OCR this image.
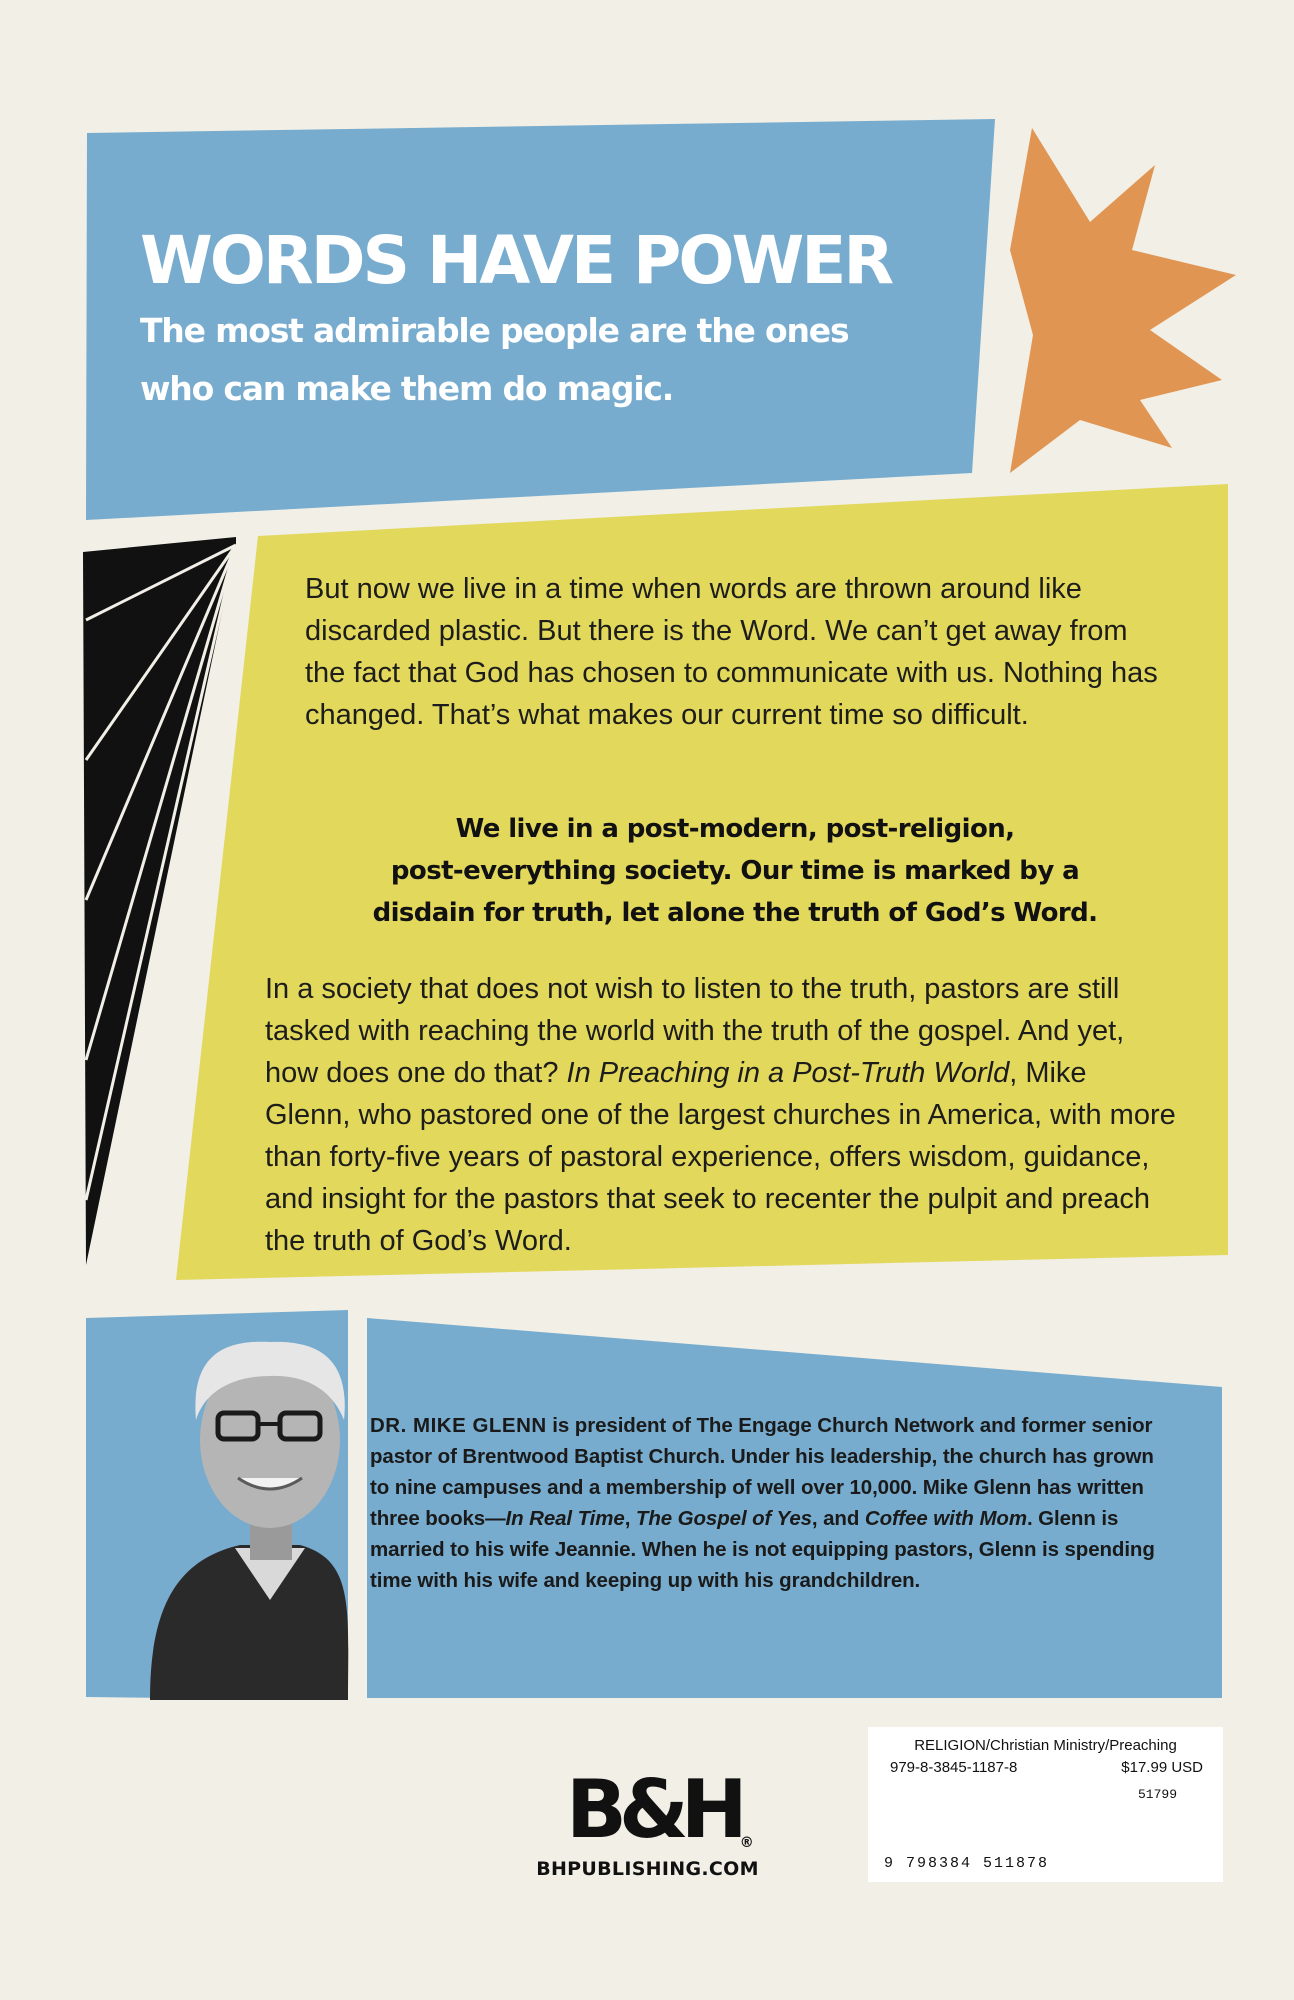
WORDS HAVE POWER
The most admirable people are the ones
who can make them do magic.
But now we live in a time when words are thrown around like discarded plastic. But there is the Word. We can’t get away from the fact that God has chosen to communicate with us. Nothing has changed. That’s what makes our current time so difficult.
We live in a post-modern, post-religion,
post-everything society. Our time is marked by a
disdain for truth, let alone the truth of God’s Word.
In a society that does not wish to listen to the truth, pastors are still tasked with reaching the world with the truth of the gospel. And yet, how does one do that? In Preaching in a Post-Truth World, Mike Glenn, who pastored one of the largest churches in America, with more than forty-five years of pastoral experience, offers wisdom, guidance, and insight for the pastors that seek to recenter the pulpit and preach the truth of God’s Word.
DR. MIKE GLENN is president of The Engage Church Network and former senior pastor of Brentwood Baptist Church. Under his leadership, the church has grown to nine campuses and a membership of well over 10,000. Mike Glenn has written three books—In Real Time, The Gospel of Yes, and Coffee with Mom. Glenn is married to his wife Jeannie. When he is not equipping pastors, Glenn is spending time with his wife and keeping up with his grandchildren.
B&H®
BHPUBLISHING.COM
RELIGION/Christian Ministry/Preaching
979-8-3845-1187-8	$17.99 USD
51799
9 798384 511878
